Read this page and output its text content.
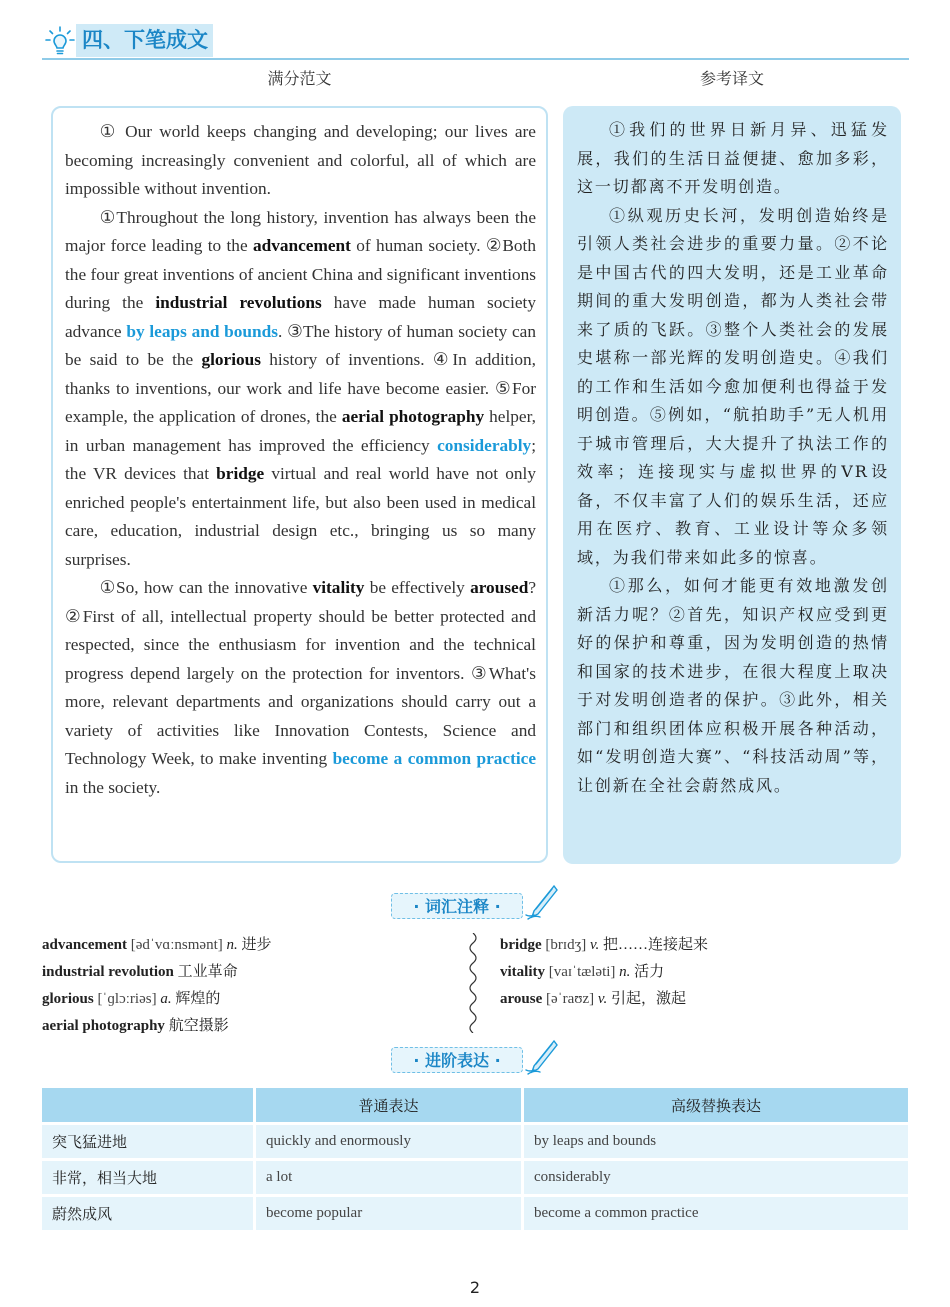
四、下笔成文
满分范文	参考译文

① Our world keeps changing and developing; our lives are becoming increasingly convenient and colorful, all of which are impossible without invention.

①Throughout the long history, invention has always been the major force leading to the advancement of human society. ②Both the four great inventions of ancient China and significant inventions during the industrial revolutions have made human society advance by leaps and bounds. ③The history of human society can be said to be the glorious history of inventions. ④In addition, thanks to inventions, our work and life have become easier. ⑤For example, the application of drones, the aerial photography helper, in urban management has improved the efficiency considerably; the VR devices that bridge virtual and real world have not only enriched people's entertainment life, but also been used in medical care, education, industrial design etc., bringing us so many surprises.

①So, how can the innovative vitality be effectively aroused? ②First of all, intellectual property should be better protected and respected, since the enthusiasm for invention and the technical progress depend largely on the protection for inventors. ③What's more, relevant departments and organizations should carry out a variety of activities like Innovation Contests, Science and Technology Week, to make inventing become a common practice in the society.

①我们的世界日新月异、迅猛发展，我们的生活日益便捷、愈加多彩，这一切都离不开发明创造。

①纵观历史长河，发明创造始终是引领人类社会进步的重要力量。②不论是中国古代的四大发明，还是工业革命期间的重大发明创造，都为人类社会带来了质的飞跃。③整个人类社会的发展史堪称一部光辉的发明创造史。④我们的工作和生活如今愈加便利也得益于发明创造。⑤例如，“航拍助手”无人机用于城市管理后，大大提升了执法工作的效率；连接现实与虚拟世界的VR设备，不仅丰富了人们的娱乐生活，还应用在医疗、教育、工业设计等众多领域，为我们带来如此多的惊喜。

①那么，如何才能更有效地激发创新活力呢？②首先，知识产权应受到更好的保护和尊重，因为发明创造的热情和国家的技术进步，在很大程度上取决于对发明创造者的保护。③此外，相关部门和组织团体应积极开展各种活动，如“发明创造大赛”、“科技活动周”等，让创新在全社会蔚然成风。

· 词汇注释 ·
advancement [ədˈvɑːnsmənt] n. 进步
industrial revolution 工业革命
glorious [ˈɡlɔːriəs] a. 辉煌的
aerial photography 航空摄影
bridge [brɪdʒ] v. 把……连接起来
vitality [vaɪˈtæləti] n. 活力
arouse [əˈraʊz] v. 引起，激起
· 进阶表达 ·
	普通表达	高级替换表达
突飞猛进地	quickly and enormously	by leaps and bounds
非常，相当大地	a lot	considerably
蔚然成风	become popular	become a common practice
2
